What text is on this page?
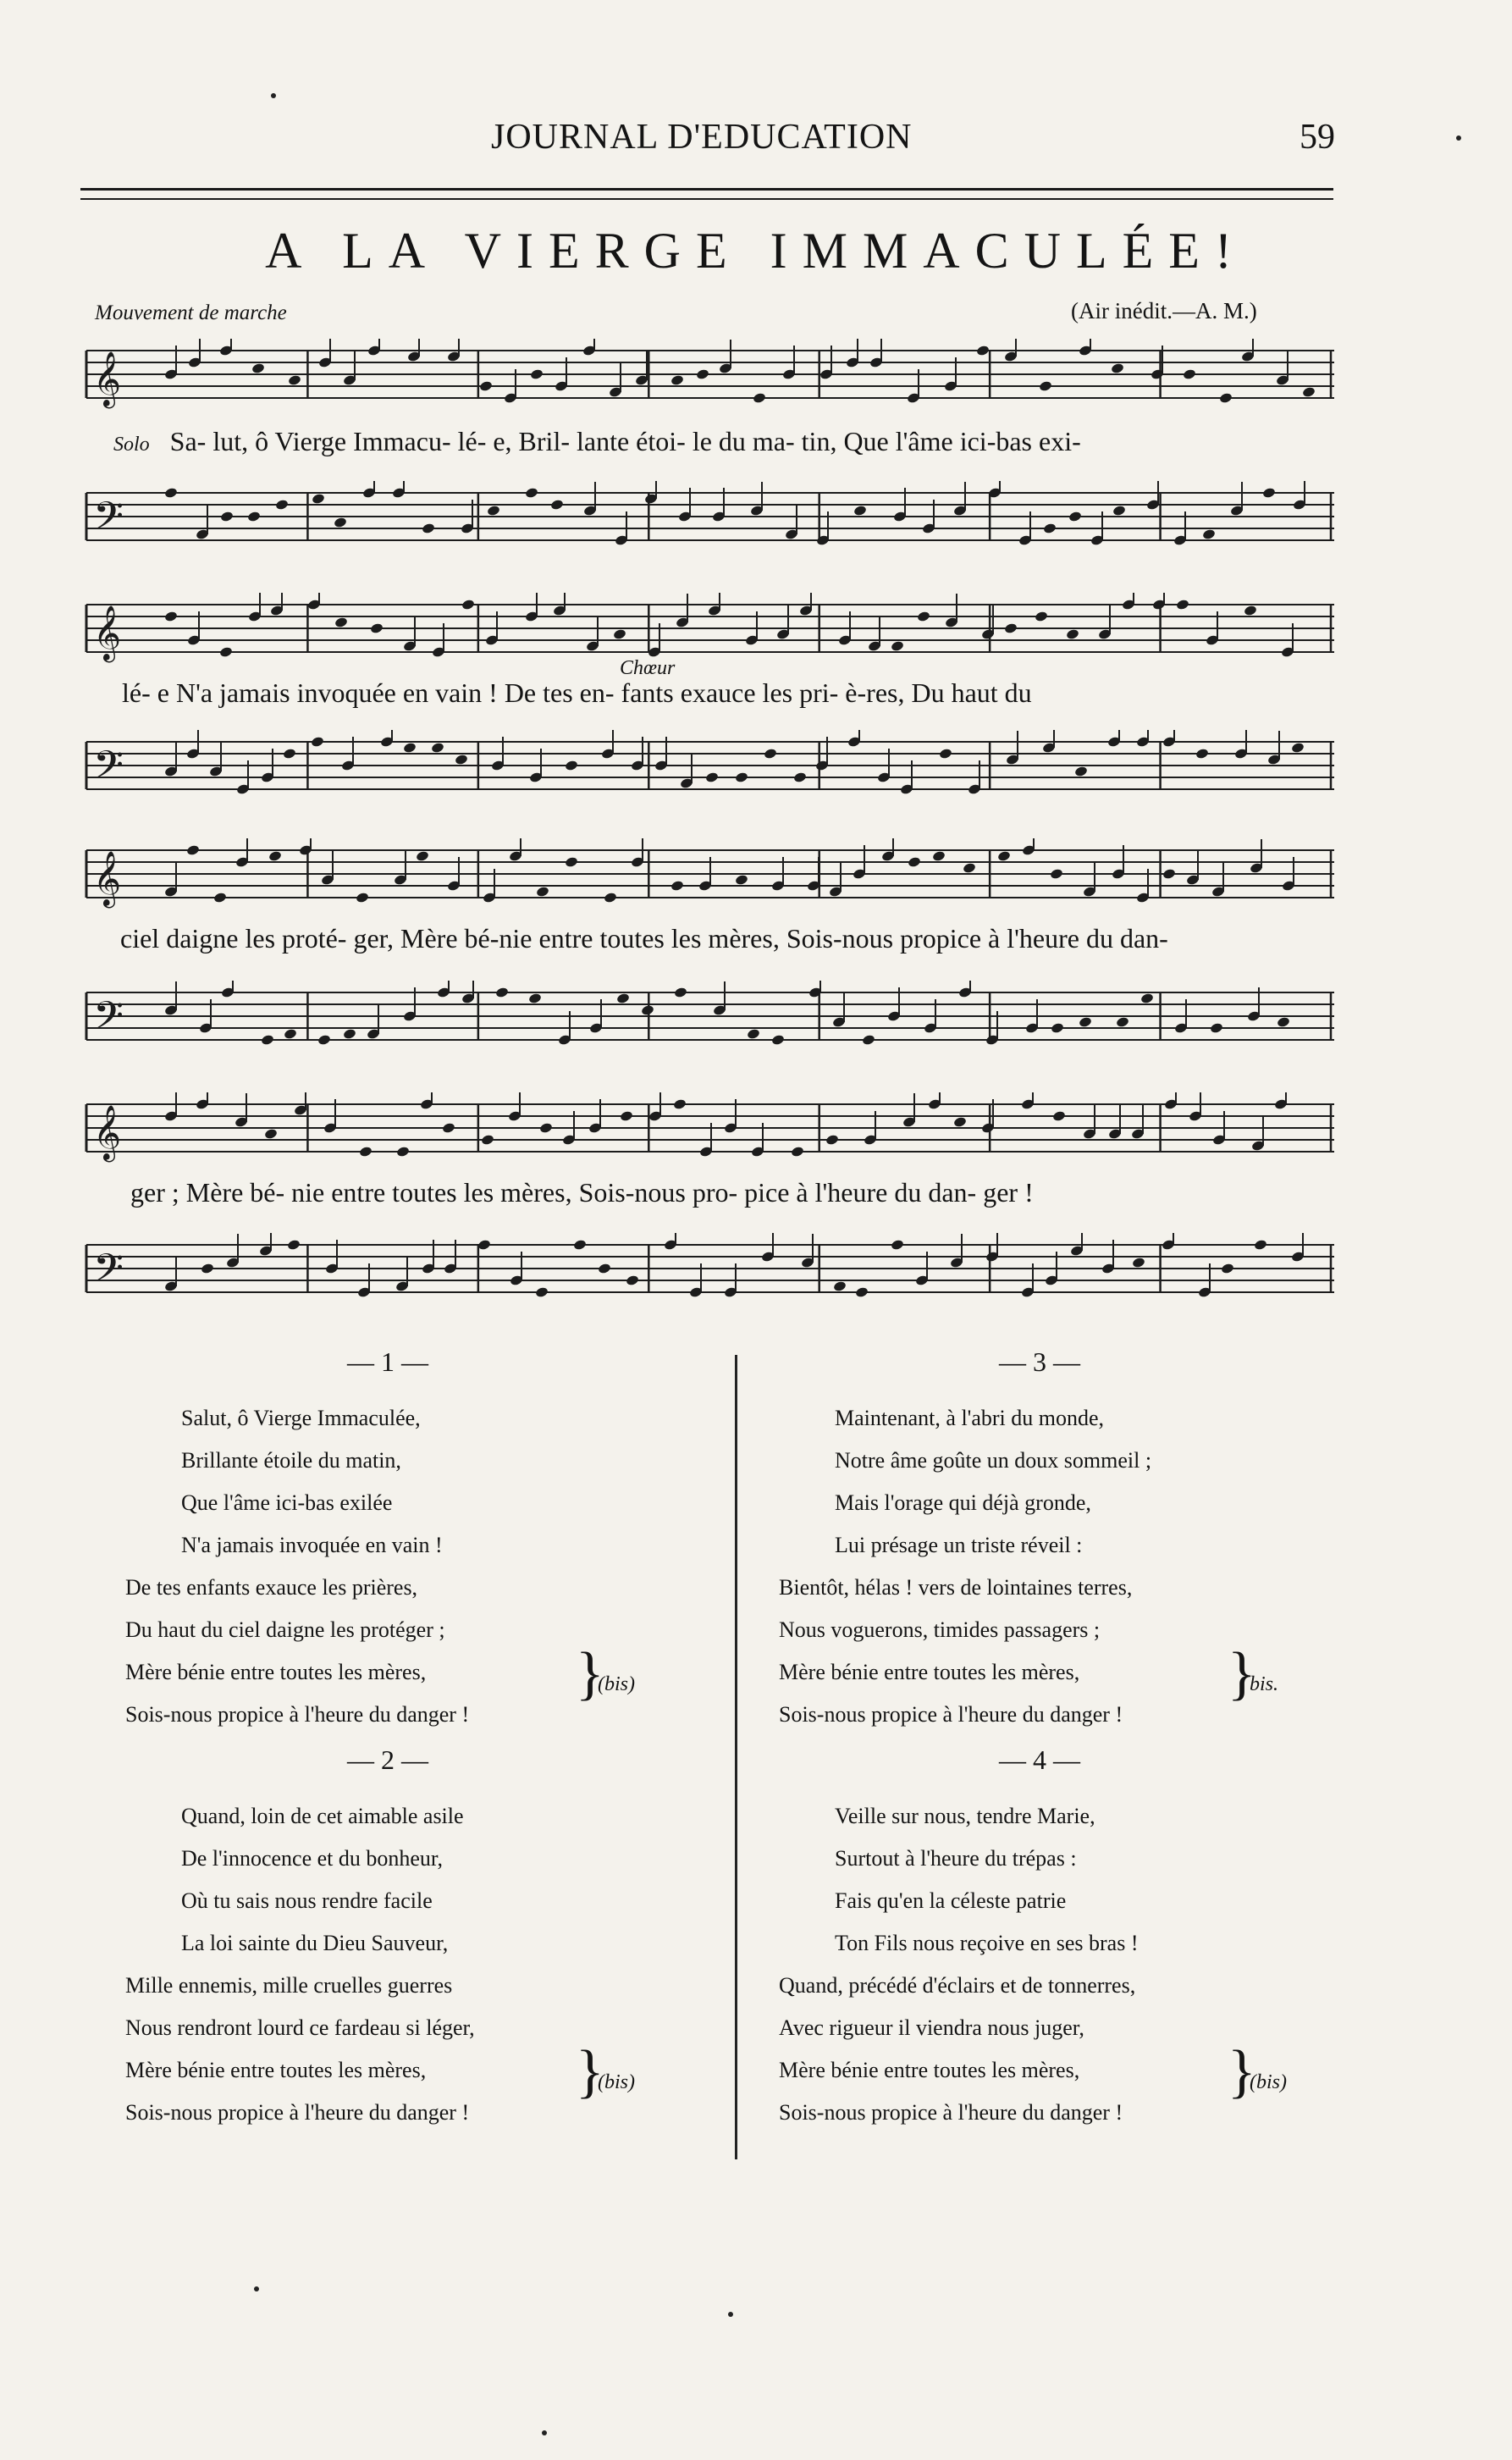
JOURNAL D'EDUCATION	59
A LA VIERGE IMMACULÉE!
Mouvement de marche	(Air inédit.—A. M.)
𝄞
Solo Sa- lut, ô Vierge Immacu- lé- e, Bril- lante étoi- le du ma- tin, Que l'âme ici-bas exi-
𝄢
𝄞
Chœur
lé- e N'a jamais invoquée en vain ! De tes en- fants exauce les pri- è-res, Du haut du
𝄢
𝄞
ciel daigne les proté- ger, Mère bé-nie entre toutes les mères, Sois-nous propice à l'heure du dan-
𝄢
𝄞
ger ; Mère bé- nie entre toutes les mères, Sois-nous pro- pice à l'heure du dan- ger !
𝄢
— 1 —
Salut, ô Vierge Immaculée,
Brillante étoile du matin,
Que l'âme ici-bas exilée
N'a jamais invoquée en vain !
De tes enfants exauce les prières,
Du haut du ciel daigne les protéger ;
Mère bénie entre toutes les mères,
Sois-nous propice à l'heure du danger !
}
(bis)
— 2 —
Quand, loin de cet aimable asile
De l'innocence et du bonheur,
Où tu sais nous rendre facile
La loi sainte du Dieu Sauveur,
Mille ennemis, mille cruelles guerres
Nous rendront lourd ce fardeau si léger,
Mère bénie entre toutes les mères,
Sois-nous propice à l'heure du danger !
}
(bis)
— 3 —
Maintenant, à l'abri du monde,
Notre âme goûte un doux sommeil ;
Mais l'orage qui déjà gronde,
Lui présage un triste réveil :
Bientôt, hélas ! vers de lointaines terres,
Nous voguerons, timides passagers ;
Mère bénie entre toutes les mères,
Sois-nous propice à l'heure du danger !
}
bis.
— 4 —
Veille sur nous, tendre Marie,
Surtout à l'heure du trépas :
Fais qu'en la céleste patrie
Ton Fils nous reçoive en ses bras !
Quand, précédé d'éclairs et de tonnerres,
Avec rigueur il viendra nous juger,
Mère bénie entre toutes les mères,
Sois-nous propice à l'heure du danger !
}
(bis)
